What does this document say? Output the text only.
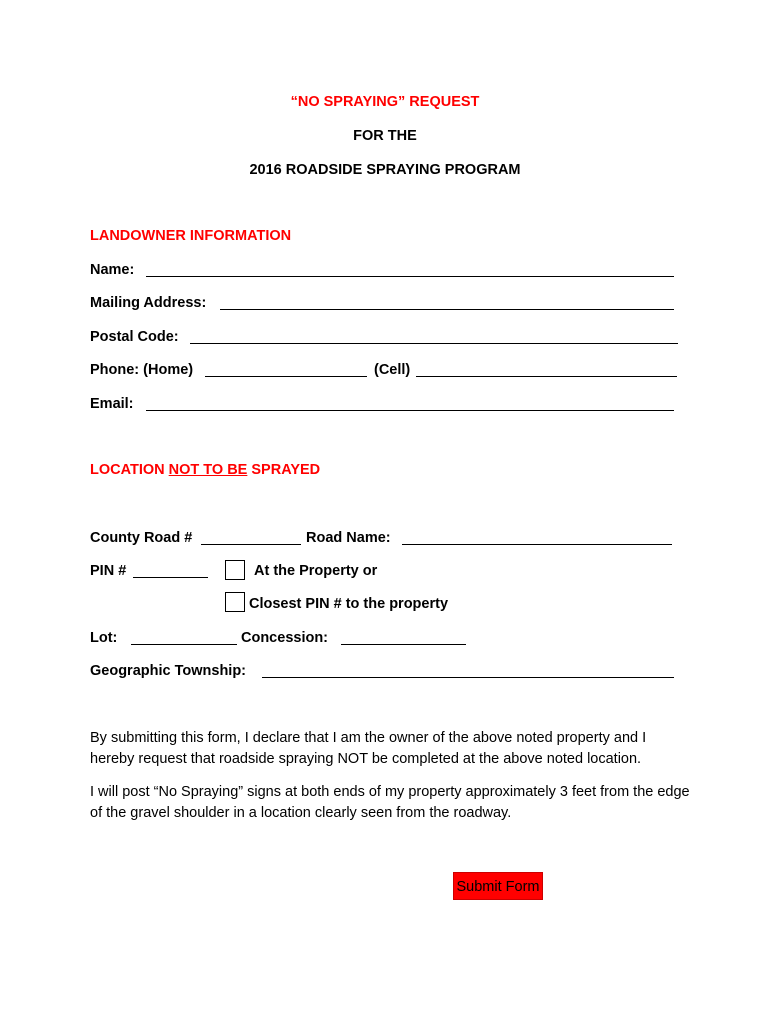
“NO SPRAYING” REQUEST
FOR THE
2016 ROADSIDE SPRAYING PROGRAM
LANDOWNER INFORMATION
Name:
Mailing Address:
Postal Code:
Phone: (Home)	(Cell)
Email:
LOCATION NOT TO BE SPRAYED
County Road #	Road Name:
PIN #	At the Property or
Closest PIN # to the property
Lot:	Concession:
Geographic Township:
By submitting this form, I declare that I am the owner of the above noted property and I hereby request that roadside spraying NOT be completed at the above noted location.
I will post “No Spraying” signs at both ends of my property approximately 3 feet from the edge of the gravel shoulder in a location clearly seen from the roadway.
Submit Form
